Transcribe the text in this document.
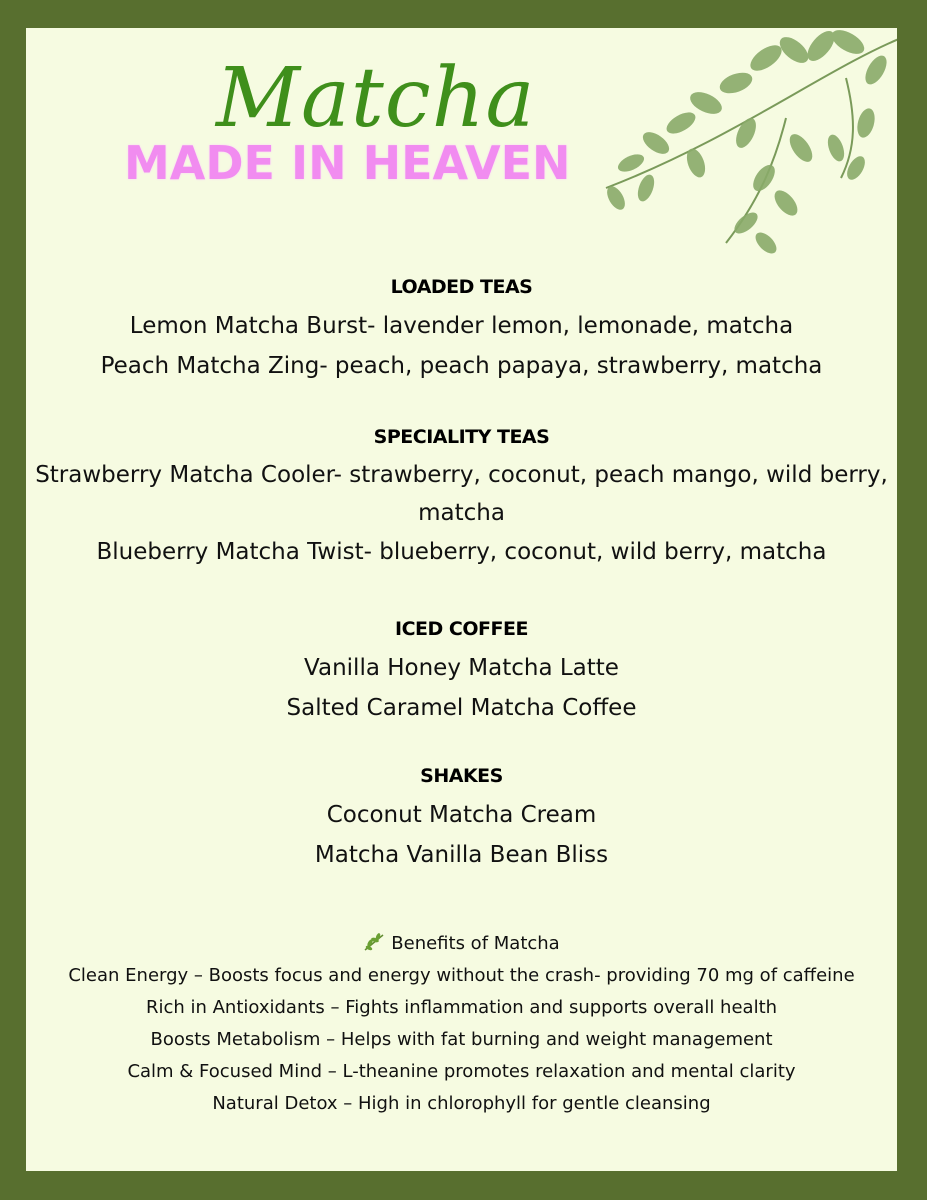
Matcha
MADE IN HEAVEN
LOADED TEAS
Lemon Matcha Burst- lavender lemon, lemonade, matcha
Peach Matcha Zing- peach, peach papaya, strawberry, matcha
SPECIALITY TEAS
Strawberry Matcha Cooler- strawberry, coconut, peach mango, wild berry, matcha
Blueberry Matcha Twist- blueberry, coconut, wild berry, matcha
ICED COFFEE
Vanilla Honey Matcha Latte
Salted Caramel Matcha Coffee
SHAKES
Coconut Matcha Cream
Matcha Vanilla Bean Bliss
Benefits of Matcha
Clean Energy – Boosts focus and energy without the crash- providing 70 mg of caffeine
Rich in Antioxidants – Fights inflammation and supports overall health
Boosts Metabolism – Helps with fat burning and weight management
Calm & Focused Mind – L-theanine promotes relaxation and mental clarity
Natural Detox – High in chlorophyll for gentle cleansing
